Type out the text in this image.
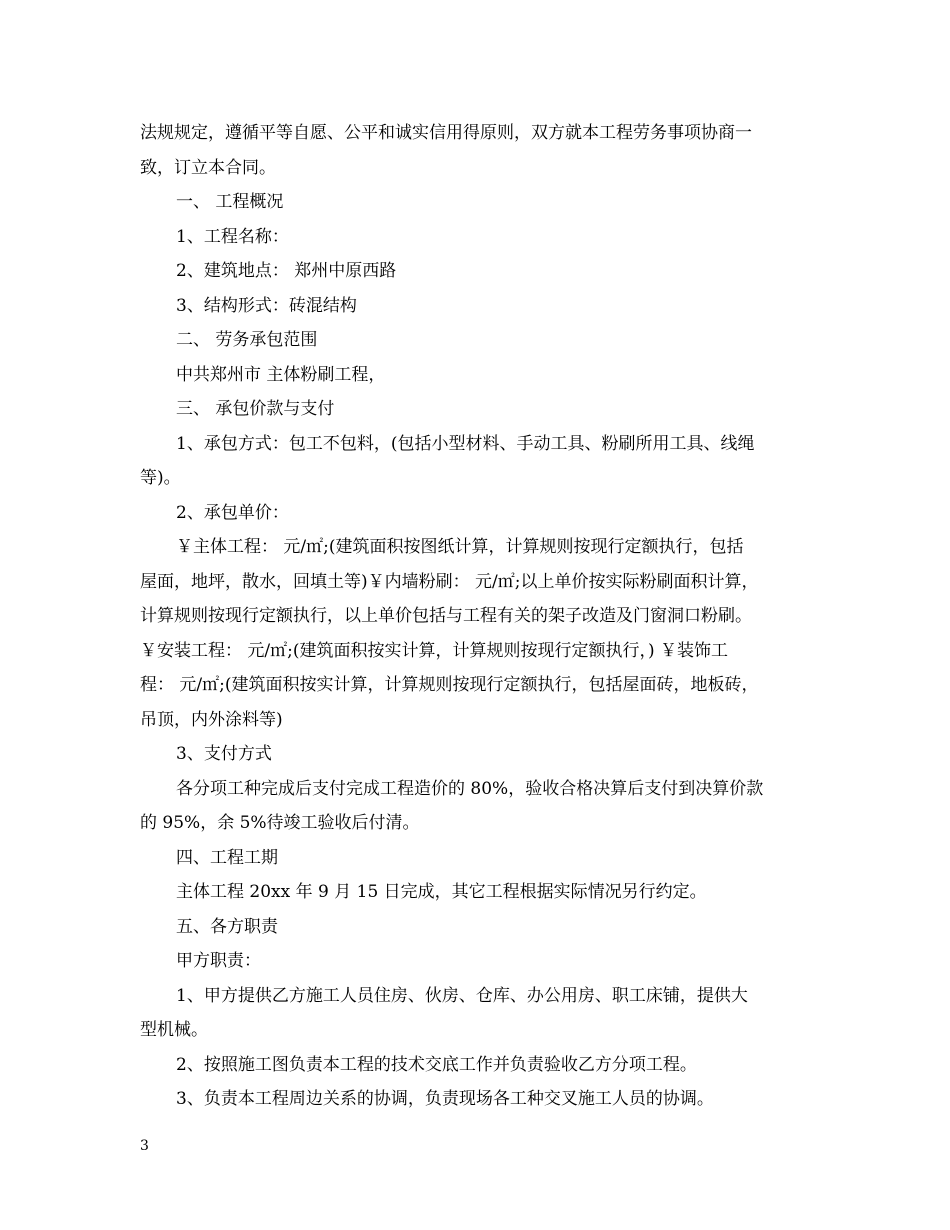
法规规定，遵循平等自愿、公平和诚实信用得原则，双方就本工程劳务事项协商一
致，订立本合同。
一、 工程概况
1、工程名称：
2、建筑地点： 郑州中原西路
3、结构形式：砖混结构
二、 劳务承包范围
中共郑州市 主体粉刷工程，
三、 承包价款与支付
1、承包方式：包工不包料，(包括小型材料、手动工具、粉刷所用工具、线绳
等)。
2、承包单价：
￥主体工程： 元/㎡;(建筑面积按图纸计算，计算规则按现行定额执行，包括
屋面，地坪，散水，回填土等)￥内墙粉刷： 元/㎡;以上单价按实际粉刷面积计算，
计算规则按现行定额执行，以上单价包括与工程有关的架子改造及门窗洞口粉刷。
￥安装工程： 元/㎡;(建筑面积按实计算，计算规则按现行定额执行，) ￥装饰工
程： 元/㎡;(建筑面积按实计算，计算规则按现行定额执行，包括屋面砖，地板砖，
吊顶，内外涂料等)
3、支付方式
各分项工种完成后支付完成工程造价的 80%，验收合格决算后支付到决算价款
的 95%，余 5%待竣工验收后付清。
四、工程工期
主体工程 20xx 年 9 月 15 日完成，其它工程根据实际情况另行约定。
五、各方职责
甲方职责：
1、甲方提供乙方施工人员住房、伙房、仓库、办公用房、职工床铺，提供大
型机械。
2、按照施工图负责本工程的技术交底工作并负责验收乙方分项工程。
3、负责本工程周边关系的协调，负责现场各工种交叉施工人员的协调。
3
